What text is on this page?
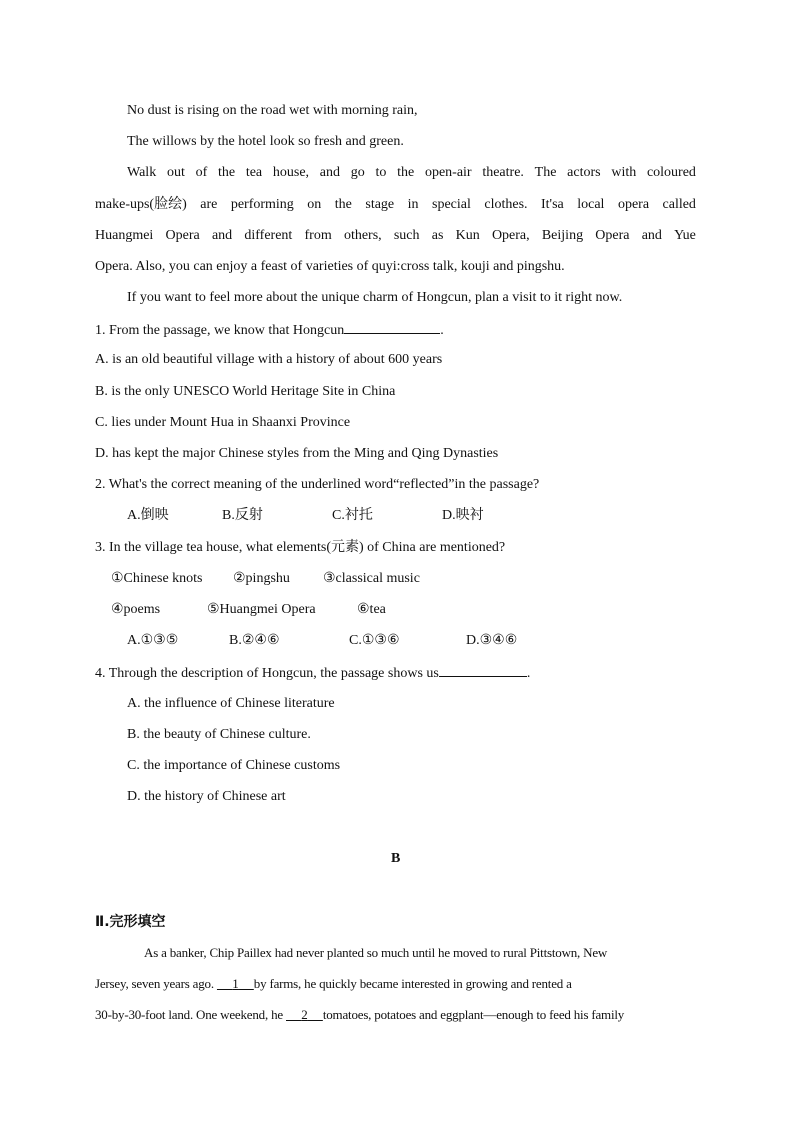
No dust is rising on the road wet with morning rain,
The willows by the hotel look so fresh and green.
Walk out of the tea house, and go to the open-air theatre. The actors with coloured
make-ups(脸绘) are performing on the stage in special clothes. It'sa local opera called
Huangmei Opera and different from others, such as Kun Opera, Beijing Opera and Yue
Opera. Also, you can enjoy a feast of varieties of quyi:cross talk, kouji and pingshu.
If you want to feel more about the unique charm of Hongcun, plan a visit to it right now.
1. From the passage, we know that Hongcun	.
A. is an old beautiful village with a history of about 600 years
B. is the only UNESCO World Heritage Site in China
C. lies under Mount Hua in Shaanxi Province
D. has kept the major Chinese styles from the Ming and Qing Dynasties
2. What's the correct meaning of the underlined word“reflected”in the passage?
A.倒映	B.反射	C.衬托	D.映衬
3. In the village tea house, what elements(元素) of China are mentioned?
①Chinese knots ②pingshu ③classical music
④poems	⑤Huangmei Opera	⑥tea
A.①③⑤	B.②④⑥	C.①③⑥	D.③④⑥
4. Through the description of Hongcun, the passage shows us	.
A. the influence of Chinese literature
B. the beauty of Chinese culture.
C. the importance of Chinese customs
D. the history of Chinese art
B
Ⅱ.完形填空
As a banker, Chip Paillex had never planted so much until he moved to rural Pittstown, New
Jersey, seven years ago.      1 by farms, he quickly became interested in growing and rented a
30-by-30-foot land. One weekend, he      2 tomatoes, potatoes and eggplant—enough to feed his family
